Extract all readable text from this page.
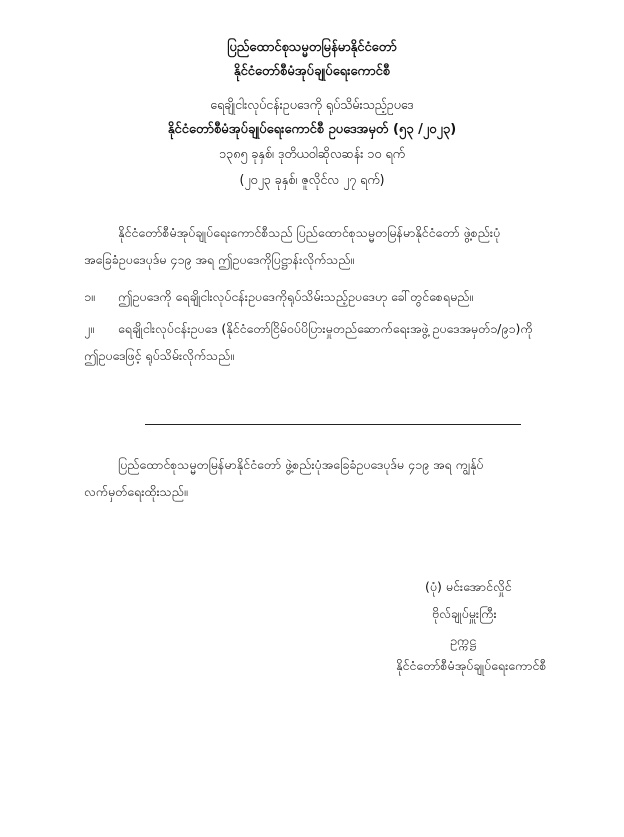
ပြည်ထောင်စုသမ္မတမြန်မာနိုင်ငံတော်
နိုင်ငံတော်စီမံအုပ်ချုပ်ရေးကောင်စီ
ရေချိုငါးလုပ်ငန်းဥပဒေကို ရုပ်သိမ်းသည့်ဥပဒေ
နိုင်ငံတော်စီမံအုပ်ချုပ်ရေးကောင်စီ ဥပဒေအမှတ် (၅၃ /၂၀၂၃)
၁၃၈၅ ခုနှစ်၊ ဒုတိယဝါဆိုလဆန်း ၁၀ ရက်
(၂၀၂၃ ခုနှစ်၊ ဇူလိုင်လ ၂၇ ရက်)
နိုင်ငံတော်စီမံအုပ်ချုပ်ရေးကောင်စီသည် ပြည်ထောင်စုသမ္မတမြန်မာနိုင်ငံတော် ဖွဲ့စည်းပုံ
အခြေခံဥပဒေပုဒ်မ ၄၁၉ အရ ဤဥပဒေကိုပြဋ္ဌာန်းလိုက်သည်။
၁။ ဤဥပဒေကို ရေချိုငါးလုပ်ငန်းဥပဒေကိုရုပ်သိမ်းသည့်ဥပဒေဟု ခေါ်တွင်စေရမည်။
၂။ ရေချိုငါးလုပ်ငန်းဥပဒေ (နိုင်ငံတော်ငြိမ်ဝပ်ပိပြားမှုတည်ဆောက်ရေးအဖွဲ့ ဥပဒေအမှတ်၁/၉၁)ကို
ဤဥပဒေဖြင့် ရုပ်သိမ်းလိုက်သည်။
ပြည်ထောင်စုသမ္မတမြန်မာနိုင်ငံတော် ဖွဲ့စည်းပုံအခြေခံဥပဒေပုဒ်မ ၄၁၉ အရ ကျွန်ုပ်
လက်မှတ်ရေးထိုးသည်။
(ပုံ) မင်းအောင်လှိုင်
ဗိုလ်ချုပ်မှူးကြီး
ဥက္ကဋ္ဌ
နိုင်ငံတော်စီမံအုပ်ချုပ်ရေးကောင်စီ
